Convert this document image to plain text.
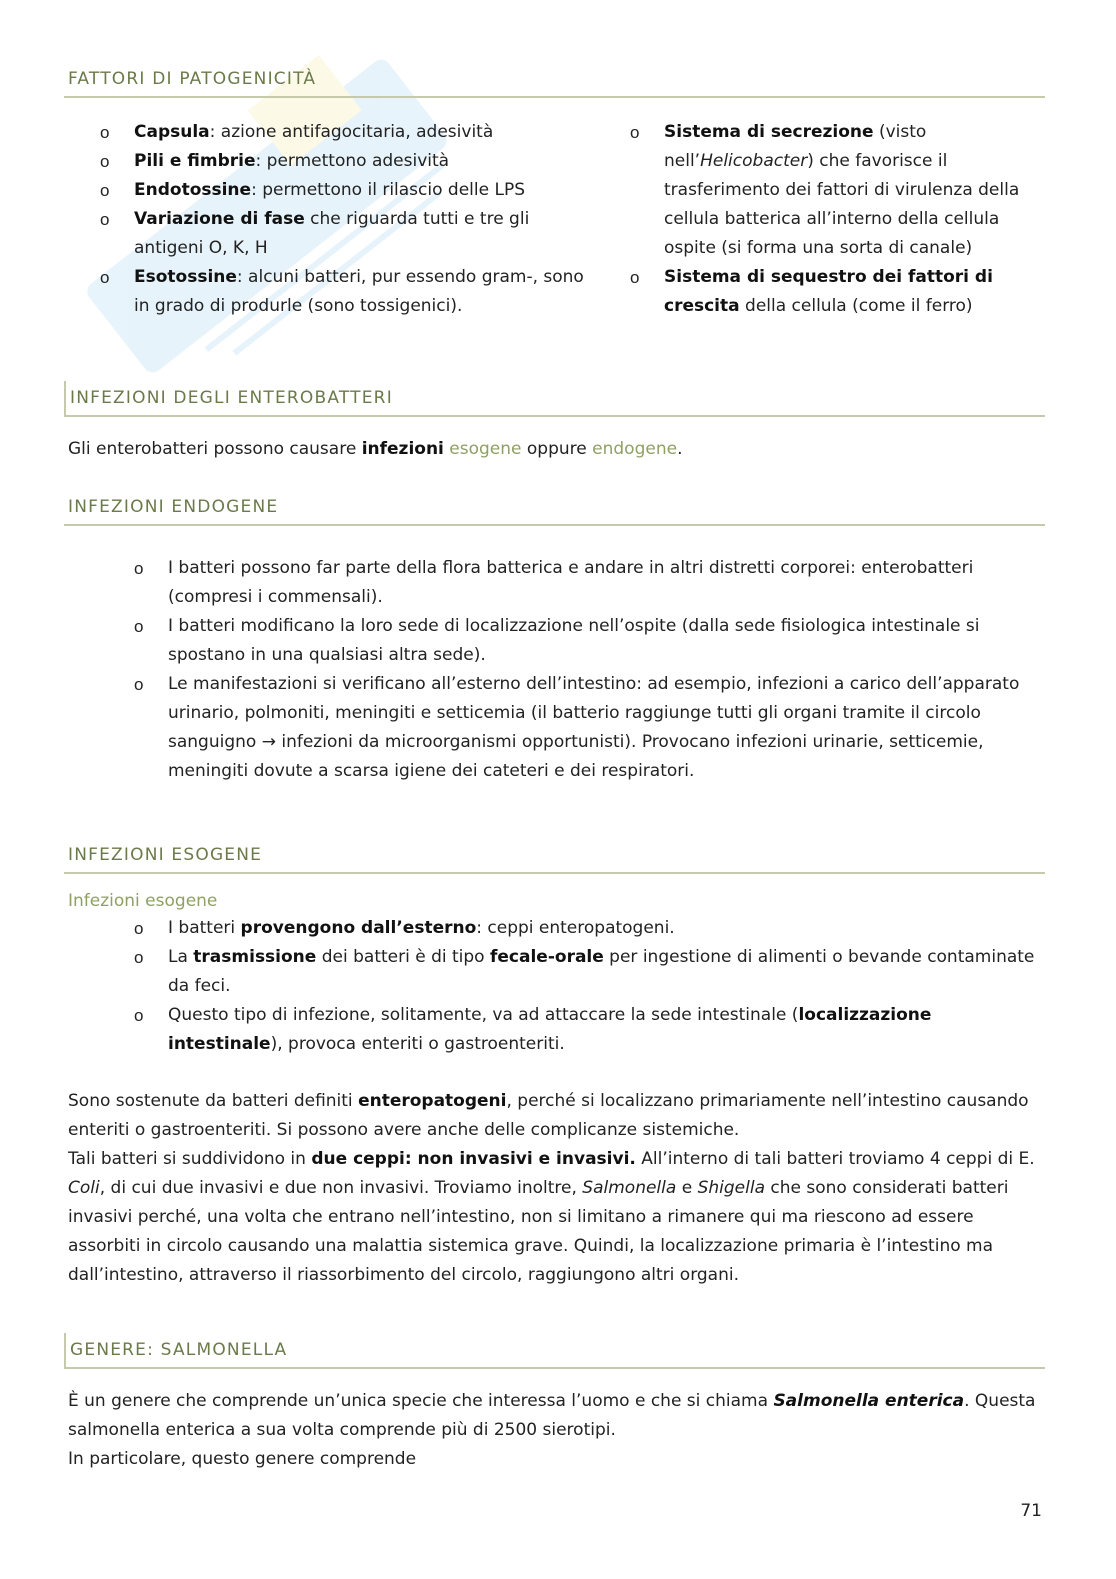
FATTORI DI PATOGENICITÀ
o Capsula: azione antifagocitaria, adesività
o Pili e fimbrie: permettono adesività
o Endotossine: permettono il rilascio delle LPS
o Variazione di fase che riguarda tutti e tre gli antigeni O, K, H
o Esotossine: alcuni batteri, pur essendo gram-, sono in grado di produrle (sono tossigenici).
o Sistema di secrezione (visto nell’Helicobacter) che favorisce il trasferimento dei fattori di virulenza della cellula batterica all’interno della cellula ospite (si forma una sorta di canale)
o Sistema di sequestro dei fattori di crescita della cellula (come il ferro)
INFEZIONI DEGLI ENTEROBATTERI

Gli enterobatteri possono causare infezioni esogene oppure endogene.

INFEZIONI ENDOGENE
o I batteri possono far parte della flora batterica e andare in altri distretti corporei: enterobatteri (compresi i commensali).
o I batteri modificano la loro sede di localizzazione nell’ospite (dalla sede fisiologica intestinale si spostano in una qualsiasi altra sede).
o Le manifestazioni si verificano all’esterno dell’intestino: ad esempio, infezioni a carico dell’apparato urinario, polmoniti, meningiti e setticemia (il batterio raggiunge tutti gli organi tramite il circolo sanguigno → infezioni da microorganismi opportunisti). Provocano infezioni urinarie, setticemie, meningiti dovute a scarsa igiene dei cateteri e dei respiratori.
INFEZIONI ESOGENE
Infezioni esogene
o I batteri provengono dall’esterno: ceppi enteropatogeni.
o La trasmissione dei batteri è di tipo fecale-orale per ingestione di alimenti o bevande contaminate da feci.
o Questo tipo di infezione, solitamente, va ad attaccare la sede intestinale (localizzazione intestinale), provoca enteriti o gastroenteriti.

Sono sostenute da batteri definiti enteropatogeni, perché si localizzano primariamente nell’intestino causando enteriti o gastroenteriti. Si possono avere anche delle complicanze sistemiche.

Tali batteri si suddividono in due ceppi: non invasivi e invasivi. All’interno di tali batteri troviamo 4 ceppi di E. Coli, di cui due invasivi e due non invasivi. Troviamo inoltre, Salmonella e Shigella che sono considerati batteri invasivi perché, una volta che entrano nell’intestino, non si limitano a rimanere qui ma riescono ad essere assorbiti in circolo causando una malattia sistemica grave. Quindi, la localizzazione primaria è l’intestino ma dall’intestino, attraverso il riassorbimento del circolo, raggiungono altri organi.

GENERE: SALMONELLA

È un genere che comprende un’unica specie che interessa l’uomo e che si chiama Salmonella enterica. Questa salmonella enterica a sua volta comprende più di 2500 sierotipi.

In particolare, questo genere comprende

71
